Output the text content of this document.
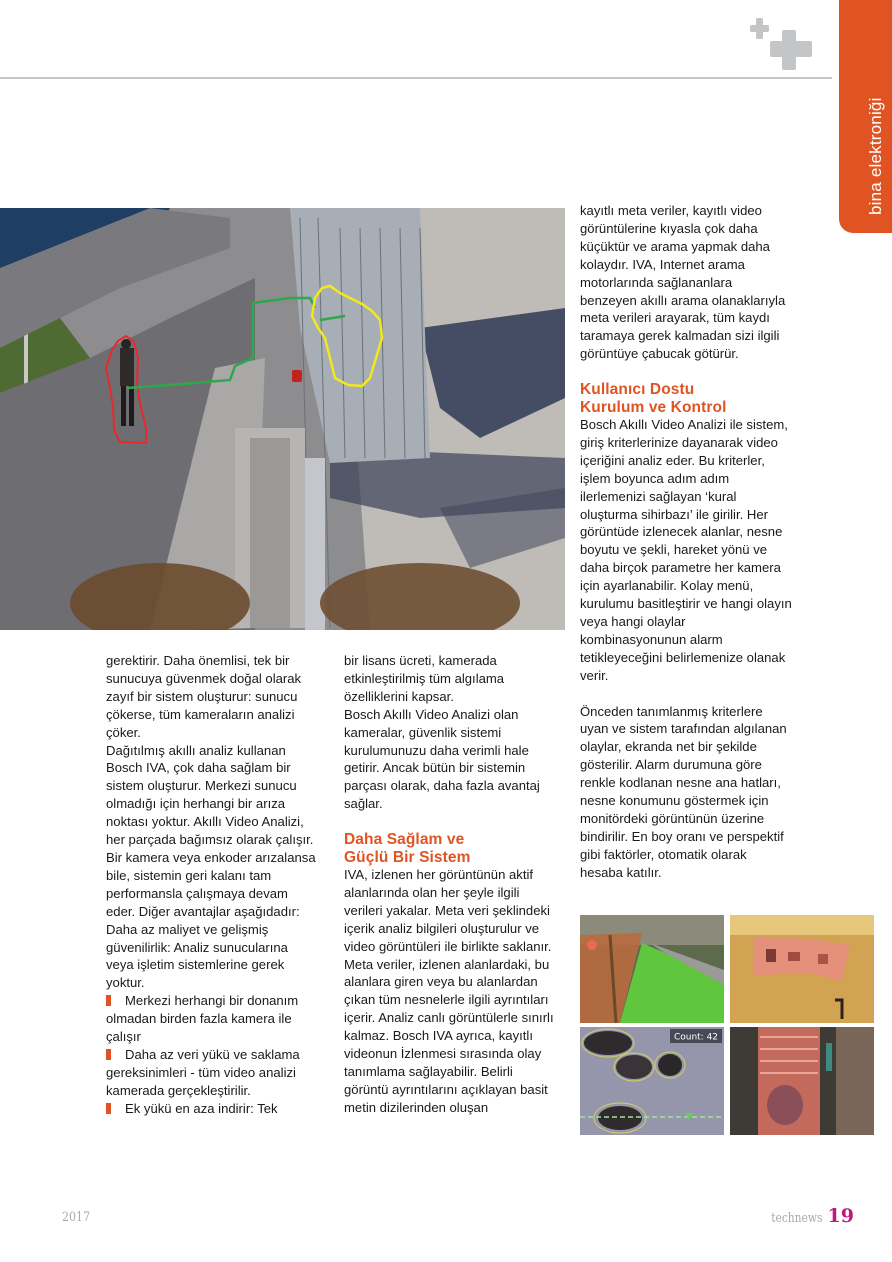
bina elektroniği

gerektirir. Daha önemlisi, tek bir sunucuya güvenmek doğal olarak zayıf bir sistem oluşturur: sunucu çökerse, tüm kameraların analizi çöker.

Dağıtılmış akıllı analiz kullanan Bosch IVA, çok daha sağlam bir sistem oluşturur. Merkezi sunucu olmadığı için herhangi bir arıza noktası yoktur. Akıllı Video Analizi, her parçada bağımsız olarak çalışır. Bir kamera veya enkoder arızalansa bile, sistemin geri kalanı tam performansla çalışmaya devam eder. Diğer avantajlar aşağıdadır:

Daha az maliyet ve gelişmiş güvenilirlik: Analiz sunucularına veya işletim sistemlerine gerek yoktur.

Merkezi herhangi bir donanım olmadan birden fazla kamera ile çalışır
Daha az veri yükü ve saklama gereksinimleri - tüm video analizi kamerada gerçekleştirilir.
Ek yükü en aza indirir: Tek

bir lisans ücreti, kamerada etkinleştirilmiş tüm algılama özelliklerini kapsar.

Bosch Akıllı Video Analizi olan kameralar, güvenlik sistemi kurulumunuzu daha verimli hale getirir. Ancak bütün bir sistemin parçası olarak, daha fazla avantaj sağlar.

Daha Sağlam ve
Güçlü Bir Sistem

IVA, izlenen her görüntünün aktif alanlarında olan her şeyle ilgili verileri yakalar. Meta veri şeklindeki içerik analiz bilgileri oluşturulur ve video görüntüleri ile birlikte saklanır. Meta veriler, izlenen alanlardaki, bu alanlara giren veya bu alanlardan çıkan tüm nesnelerle ilgili ayrıntıları içerir. Analiz canlı görüntülerle sınırlı kalmaz. Bosch IVA ayrıca, kayıtlı videonun İzlenmesi sırasında olay tanımlama sağlayabilir. Belirli görüntü ayrıntılarını açıklayan basit metin dizilerinden oluşan

kayıtlı meta veriler, kayıtlı video görüntülerine kıyasla çok daha küçüktür ve arama yapmak daha kolaydır. IVA, Internet arama motorlarında sağlananlara benzeyen akıllı arama olanaklarıyla meta verileri arayarak, tüm kaydı taramaya gerek kalmadan sizi ilgili görüntüye çabucak götürür.

Kullanıcı Dostu
Kurulum ve Kontrol

Bosch Akıllı Video Analizi ile sistem, giriş kriterlerinize dayanarak video içeriğini analiz eder. Bu kriterler, işlem boyunca adım adım ilerlemenizi sağlayan ‘kural oluşturma sihirbazı’ ile girilir. Her görüntüde izlenecek alanlar, nesne boyutu ve şekli, hareket yönü ve daha birçok parametre her kamera için ayarlanabilir. Kolay menü, kurulumu basitleştirir ve hangi olayın veya hangi olaylar kombinasyonunun alarm tetikleyeceğini belirlemenize olanak verir.

Önceden tanımlanmış kriterlere uyan ve sistem tarafından algılanan olaylar, ekranda net bir şekilde gösterilir. Alarm durumuna göre renkle kodlanan nesne ana hatları, nesne konumunu göstermek için monitördeki görüntünün üzerine bindirilir. En boy oranı ve perspektif gibi faktörler, otomatik olarak hesaba katılır.

Count: 42
2017	technews 19
